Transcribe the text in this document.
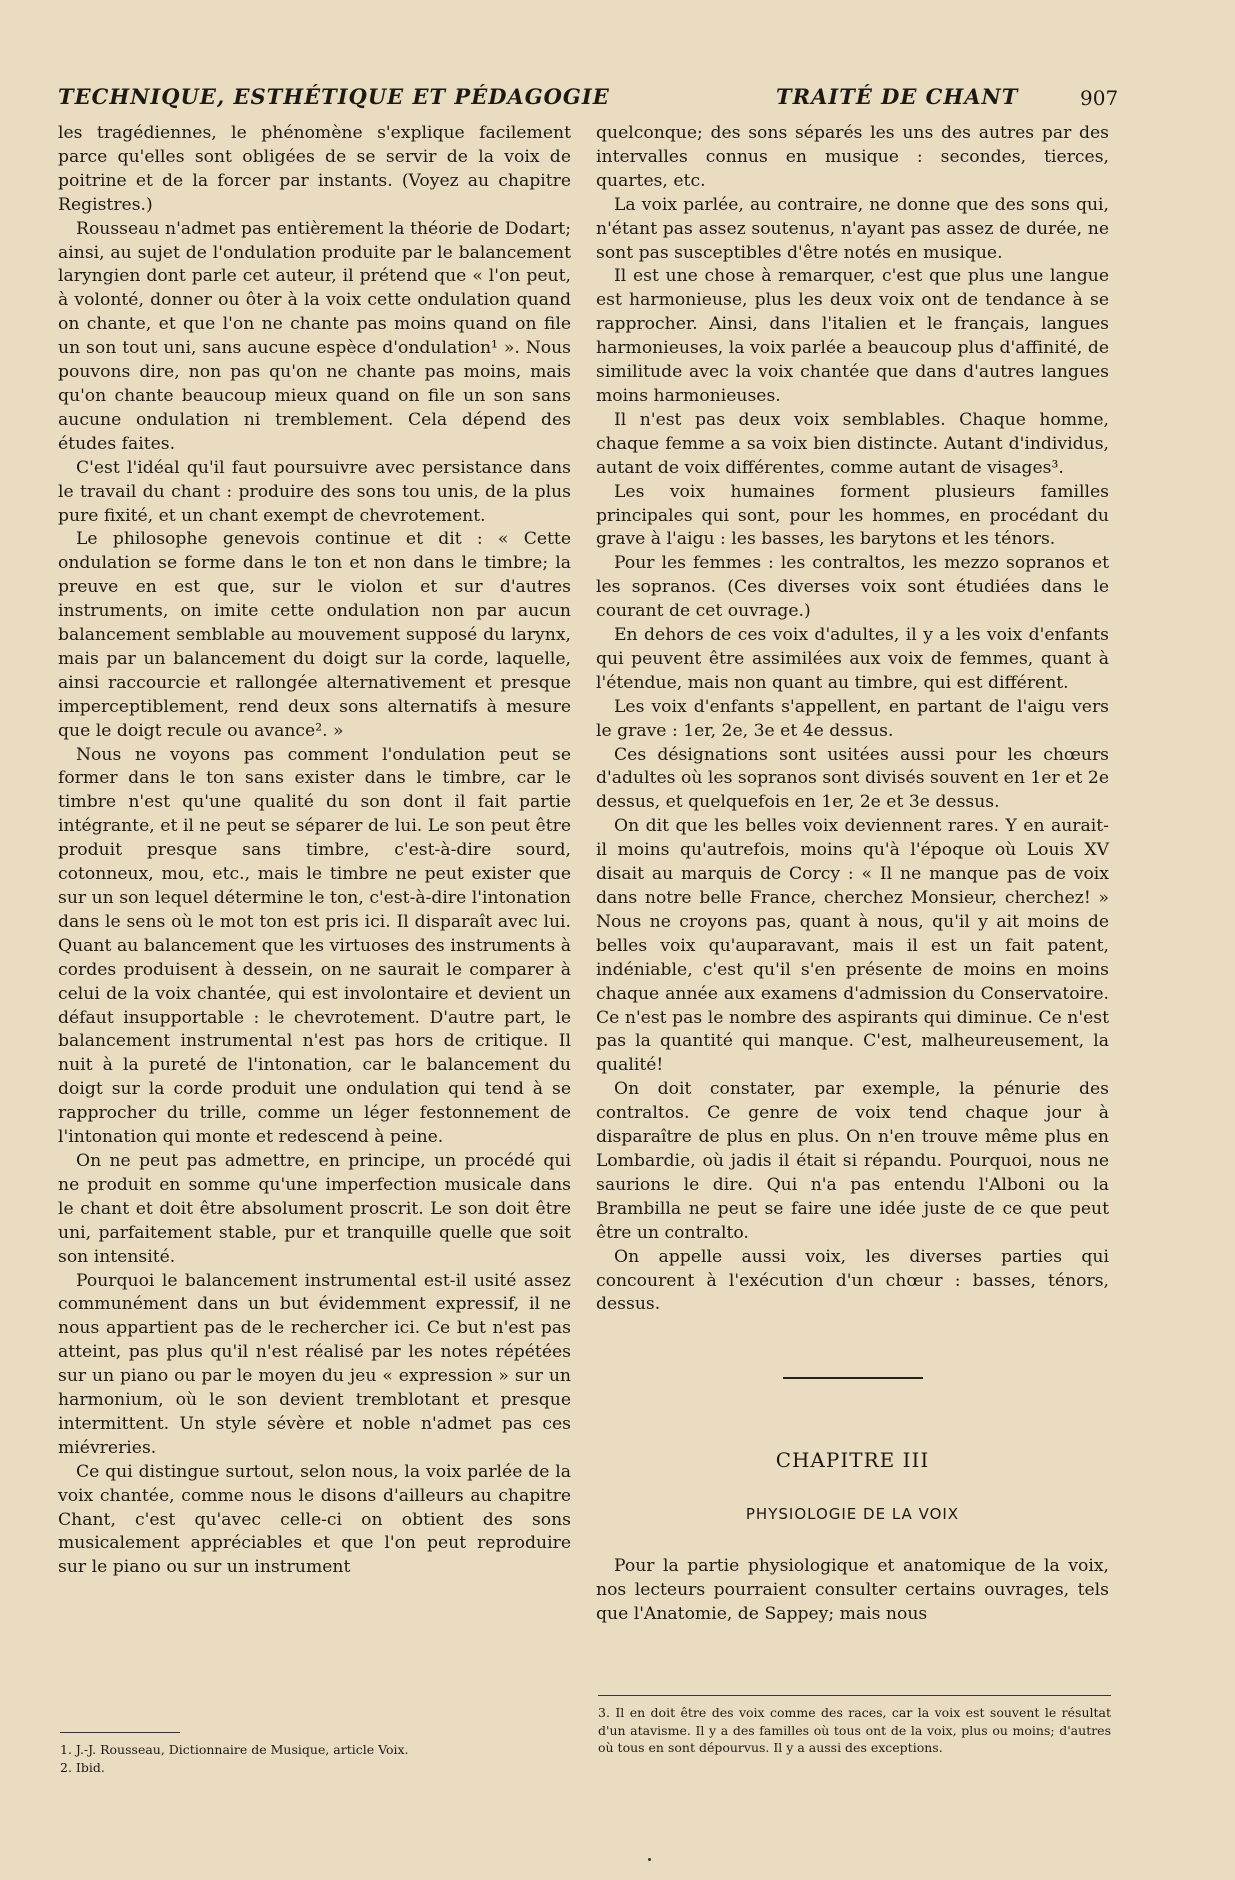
TECHNIQUE, ESTHÉTIQUE ET PÉDAGOGIE	TRAITÉ DE CHANT	907

les tragédiennes, le phénomène s'explique facilement parce qu'elles sont obligées de se servir de la voix de poitrine et de la forcer par instants. (Voyez au chapitre Registres.)

Rousseau n'admet pas entièrement la théorie de Dodart; ainsi, au sujet de l'ondulation produite par le balancement laryngien dont parle cet auteur, il prétend que « l'on peut, à volonté, donner ou ôter à la voix cette ondulation quand on chante, et que l'on ne chante pas moins quand on file un son tout uni, sans aucune espèce d'ondulation¹ ». Nous pouvons dire, non pas qu'on ne chante pas moins, mais qu'on chante beaucoup mieux quand on file un son sans aucune ondulation ni tremblement. Cela dépend des études faites.

C'est l'idéal qu'il faut poursuivre avec persistance dans le travail du chant : produire des sons tou unis, de la plus pure fixité, et un chant exempt de chevrotement.

Le philosophe genevois continue et dit : « Cette ondulation se forme dans le ton et non dans le timbre; la preuve en est que, sur le violon et sur d'autres instruments, on imite cette ondulation non par aucun balancement semblable au mouvement supposé du larynx, mais par un balancement du doigt sur la corde, laquelle, ainsi raccourcie et rallongée alternativement et presque imperceptiblement, rend deux sons alternatifs à mesure que le doigt recule ou avance². »

Nous ne voyons pas comment l'ondulation peut se former dans le ton sans exister dans le timbre, car le timbre n'est qu'une qualité du son dont il fait partie intégrante, et il ne peut se séparer de lui. Le son peut être produit presque sans timbre, c'est-à-dire sourd, cotonneux, mou, etc., mais le timbre ne peut exister que sur un son lequel détermine le ton, c'est-à-dire l'intonation dans le sens où le mot ton est pris ici. Il disparaît avec lui. Quant au balancement que les virtuoses des instruments à cordes produisent à dessein, on ne saurait le comparer à celui de la voix chantée, qui est involontaire et devient un défaut insupportable : le chevrotement. D'autre part, le balancement instrumental n'est pas hors de critique. Il nuit à la pureté de l'intonation, car le balancement du doigt sur la corde produit une ondulation qui tend à se rapprocher du trille, comme un léger festonnement de l'intonation qui monte et redescend à peine.

On ne peut pas admettre, en principe, un procédé qui ne produit en somme qu'une imperfection musicale dans le chant et doit être absolument proscrit. Le son doit être uni, parfaitement stable, pur et tranquille quelle que soit son intensité.

Pourquoi le balancement instrumental est-il usité assez communément dans un but évidemment expressif, il ne nous appartient pas de le rechercher ici. Ce but n'est pas atteint, pas plus qu'il n'est réalisé par les notes répétées sur un piano ou par le moyen du jeu « expression » sur un harmonium, où le son devient tremblotant et presque intermittent. Un style sévère et noble n'admet pas ces miévreries.

Ce qui distingue surtout, selon nous, la voix parlée de la voix chantée, comme nous le disons d'ailleurs au chapitre Chant, c'est qu'avec celle-ci on obtient des sons musicalement appréciables et que l'on peut reproduire sur le piano ou sur un instrument

quelconque; des sons séparés les uns des autres par des intervalles connus en musique : secondes, tierces, quartes, etc.

La voix parlée, au contraire, ne donne que des sons qui, n'étant pas assez soutenus, n'ayant pas assez de durée, ne sont pas susceptibles d'être notés en musique.

Il est une chose à remarquer, c'est que plus une langue est harmonieuse, plus les deux voix ont de tendance à se rapprocher. Ainsi, dans l'italien et le français, langues harmonieuses, la voix parlée a beaucoup plus d'affinité, de similitude avec la voix chantée que dans d'autres langues moins harmonieuses.

Il n'est pas deux voix semblables. Chaque homme, chaque femme a sa voix bien distincte. Autant d'individus, autant de voix différentes, comme autant de visages³.

Les voix humaines forment plusieurs familles principales qui sont, pour les hommes, en procédant du grave à l'aigu : les basses, les barytons et les ténors.

Pour les femmes : les contraltos, les mezzo sopranos et les sopranos. (Ces diverses voix sont étudiées dans le courant de cet ouvrage.)

En dehors de ces voix d'adultes, il y a les voix d'enfants qui peuvent être assimilées aux voix de femmes, quant à l'étendue, mais non quant au timbre, qui est différent.

Les voix d'enfants s'appellent, en partant de l'aigu vers le grave : 1er, 2e, 3e et 4e dessus.

Ces désignations sont usitées aussi pour les chœurs d'adultes où les sopranos sont divisés souvent en 1er et 2e dessus, et quelquefois en 1er, 2e et 3e dessus.

On dit que les belles voix deviennent rares. Y en aurait-il moins qu'autrefois, moins qu'à l'époque où Louis XV disait au marquis de Corcy : « Il ne manque pas de voix dans notre belle France, cherchez Monsieur, cherchez! » Nous ne croyons pas, quant à nous, qu'il y ait moins de belles voix qu'auparavant, mais il est un fait patent, indéniable, c'est qu'il s'en présente de moins en moins chaque année aux examens d'admission du Conservatoire. Ce n'est pas le nombre des aspirants qui diminue. Ce n'est pas la quantité qui manque. C'est, malheureusement, la qualité!

On doit constater, par exemple, la pénurie des contraltos. Ce genre de voix tend chaque jour à disparaître de plus en plus. On n'en trouve même plus en Lombardie, où jadis il était si répandu. Pourquoi, nous ne saurions le dire. Qui n'a pas entendu l'Alboni ou la Brambilla ne peut se faire une idée juste de ce que peut être un contralto.

On appelle aussi voix, les diverses parties qui concourent à l'exécution d'un chœur : basses, ténors, dessus.

CHAPITRE III
PHYSIOLOGIE DE LA VOIX

Pour la partie physiologique et anatomique de la voix, nos lecteurs pourraient consulter certains ouvrages, tels que l'Anatomie, de Sappey; mais nous

1. J.-J. Rousseau, Dictionnaire de Musique, article Voix.
2. Ibid.
3. Il en doit être des voix comme des races, car la voix est souvent le résultat d'un atavisme. Il y a des familles où tous ont de la voix, plus ou moins; d'autres où tous en sont dépourvus. Il y a aussi des exceptions.
